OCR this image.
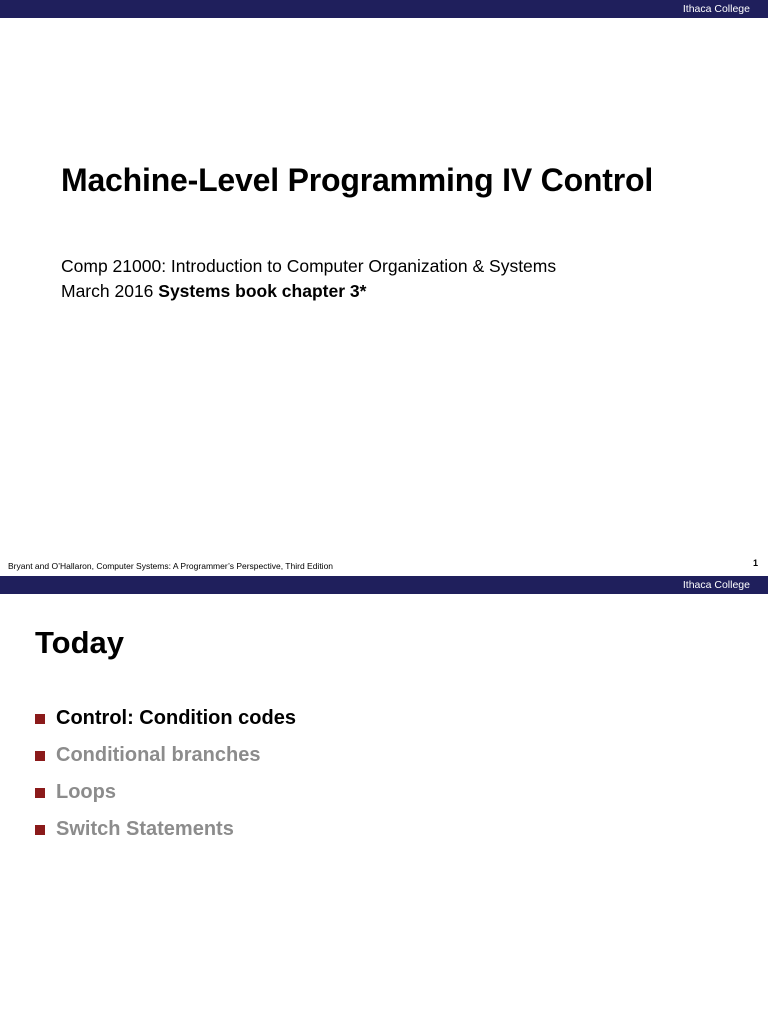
Ithaca College
Machine-Level Programming IV Control
Comp 21000: Introduction to Computer Organization & Systems
March 2016 Systems book chapter 3*
Bryant and O’Hallaron, Computer Systems: A Programmer’s Perspective, Third Edition	1
Ithaca College
Today
Control: Condition codes
Conditional branches
Loops
Switch Statements
